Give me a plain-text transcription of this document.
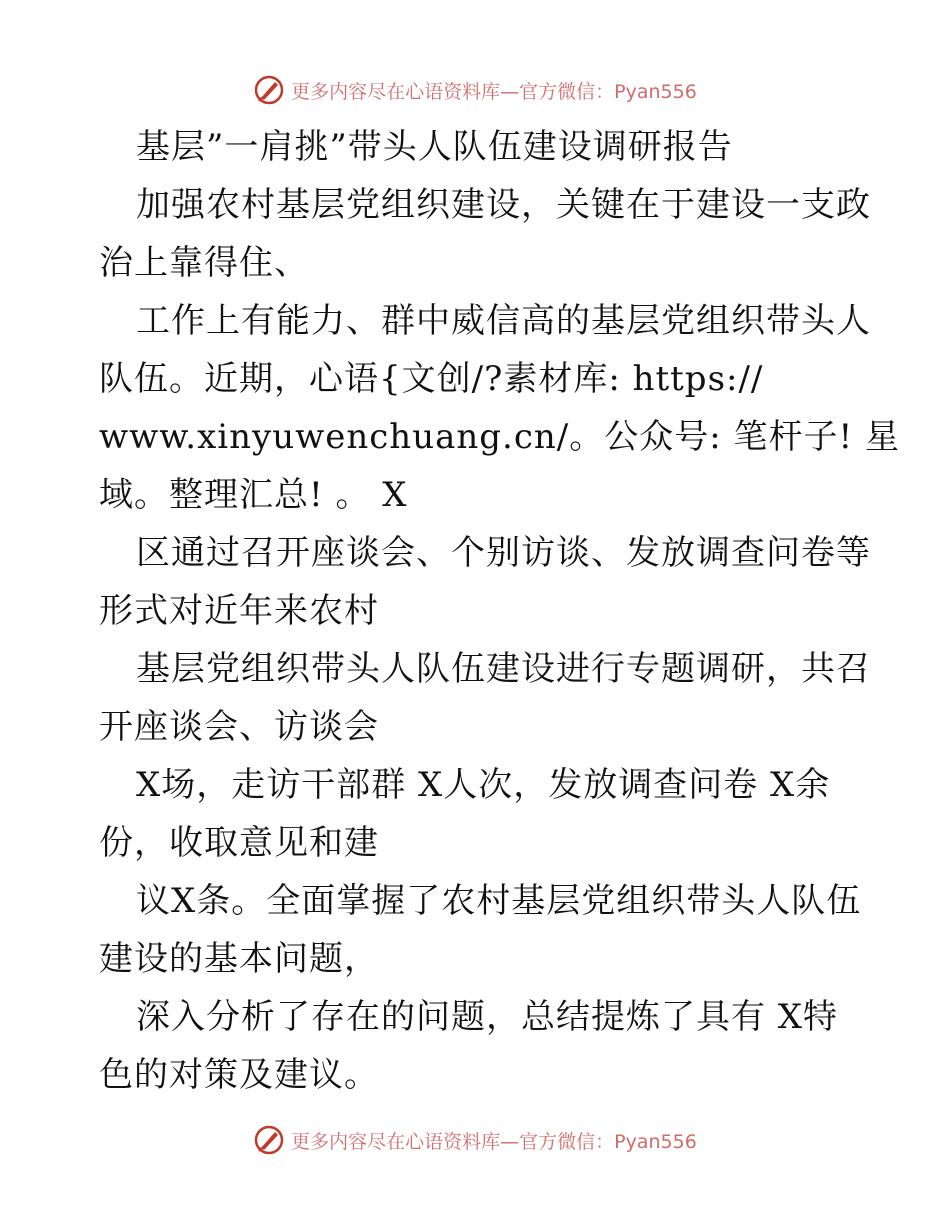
更多内容尽在心语资料库—官方微信：Pyan556
基层”一肩挑”带头人队伍建设调研报告
加强农村基层党组织建设，关键在于建设一支政
治上靠得住、
工作上有能力、群中威信高的基层党组织带头人
队伍。近期，心语{文创/?素材库: https://
www.xinyuwenchuang.cn/。公众号: 笔杆子! 星
域。整理汇总! 。 X
区通过召开座谈会、个别访谈、发放调查问卷等
形式对近年来农村
基层党组织带头人队伍建设进行专题调研，共召
开座谈会、访谈会
X场，走访干部群 X人次，发放调查问卷 X余
份，收取意见和建
议X条。全面掌握了农村基层党组织带头人队伍
建设的基本问题，
深入分析了存在的问题，总结提炼了具有 X特
色的对策及建议。
更多内容尽在心语资料库—官方微信：Pyan556
